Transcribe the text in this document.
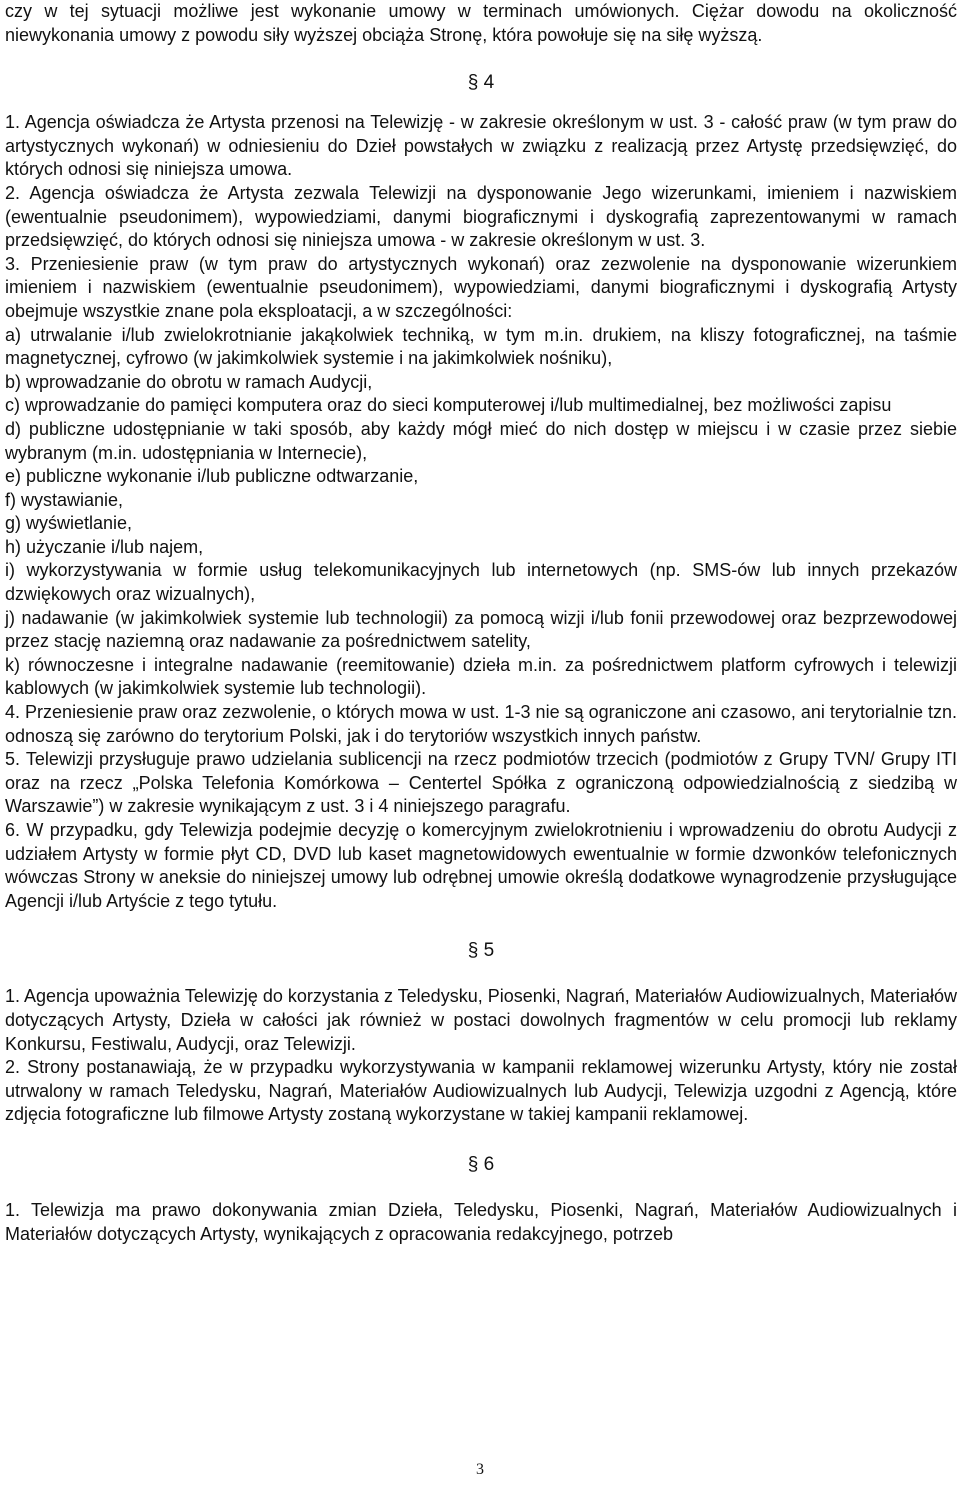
czy w tej sytuacji możliwe jest wykonanie umowy w terminach umówionych. Ciężar dowodu na okoliczność niewykonania umowy z powodu siły wyższej obciąża Stronę, która powołuje się na siłę wyższą.

§ 4

1. Agencja oświadcza że Artysta przenosi na Telewizję - w zakresie określonym w ust. 3 - całość praw (w tym praw do artystycznych wykonań) w odniesieniu do Dzieł powstałych w związku z realizacją przez Artystę przedsięwzięć, do których odnosi się niniejsza umowa.

2. Agencja oświadcza że Artysta zezwala Telewizji na dysponowanie Jego wizerunkami, imieniem i nazwiskiem (ewentualnie pseudonimem), wypowiedziami, danymi biograficznymi i dyskografią zaprezentowanymi w ramach przedsięwzięć, do których odnosi się niniejsza umowa - w zakresie określonym w ust. 3.

3. Przeniesienie praw (w tym praw do artystycznych wykonań) oraz zezwolenie na dysponowanie wizerunkiem imieniem i nazwiskiem (ewentualnie pseudonimem), wypowiedziami, danymi biograficznymi i dyskografią Artysty obejmuje wszystkie znane pola eksploatacji, a w szczególności:

a) utrwalanie i/lub zwielokrotnianie jakąkolwiek techniką, w tym m.in. drukiem, na kliszy fotograficznej, na taśmie magnetycznej, cyfrowo (w jakimkolwiek systemie i na jakimkolwiek nośniku),

b) wprowadzanie do obrotu w ramach Audycji,

c) wprowadzanie do pamięci komputera oraz do sieci komputerowej i/lub multimedialnej, bez możliwości zapisu

d) publiczne udostępnianie w taki sposób, aby każdy mógł mieć do nich dostęp w miejscu i w czasie przez siebie wybranym (m.in. udostępniania w Internecie),

e) publiczne wykonanie i/lub publiczne odtwarzanie,

f) wystawianie,

g) wyświetlanie,

h) użyczanie i/lub najem,

i) wykorzystywania w formie usług telekomunikacyjnych lub internetowych (np. SMS-ów lub innych przekazów dzwiękowych oraz wizualnych),

j) nadawanie (w jakimkolwiek systemie lub technologii) za pomocą wizji i/lub fonii przewodowej oraz bezprzewodowej przez stację naziemną oraz nadawanie za pośrednictwem satelity,

k) równoczesne i integralne nadawanie (reemitowanie) dzieła m.in. za pośrednictwem platform cyfrowych i telewizji kablowych (w jakimkolwiek systemie lub technologii).

4. Przeniesienie praw oraz zezwolenie, o których mowa w ust. 1-3 nie są ograniczone ani czasowo, ani terytorialnie tzn. odnoszą się zarówno do terytorium Polski, jak i do terytoriów wszystkich innych państw.

5. Telewizji przysługuje prawo udzielania sublicencji na rzecz podmiotów trzecich (podmiotów z Grupy TVN/ Grupy ITI oraz na rzecz „Polska Telefonia Komórkowa – Centertel Spółka z ograniczoną odpowiedzialnością z siedzibą w Warszawie”) w zakresie wynikającym z ust. 3 i 4 niniejszego paragrafu.

6. W przypadku, gdy Telewizja podejmie decyzję o komercyjnym zwielokrotnieniu i wprowadzeniu do obrotu Audycji z udziałem Artysty w formie płyt CD, DVD lub kaset magnetowidowych ewentualnie w formie dzwonków telefonicznych wówczas Strony w aneksie do niniejszej umowy lub odrębnej umowie określą dodatkowe wynagrodzenie przysługujące Agencji i/lub Artyście z tego tytułu.

§ 5

1. Agencja upoważnia Telewizję do korzystania z Teledysku, Piosenki, Nagrań, Materiałów Audiowizualnych, Materiałów dotyczących Artysty, Dzieła w całości jak również w postaci dowolnych fragmentów w celu promocji lub reklamy Konkursu, Festiwalu, Audycji, oraz Telewizji.

2. Strony postanawiają, że w przypadku wykorzystywania w kampanii reklamowej wizerunku Artysty, który nie został utrwalony w ramach Teledysku, Nagrań, Materiałów Audiowizualnych lub Audycji, Telewizja uzgodni z Agencją, które zdjęcia fotograficzne lub filmowe Artysty zostaną wykorzystane w takiej kampanii reklamowej.

§ 6

1. Telewizja ma prawo dokonywania zmian Dzieła, Teledysku, Piosenki, Nagrań, Materiałów Audiowizualnych i Materiałów dotyczących Artysty, wynikających z opracowania redakcyjnego, potrzeb

3
